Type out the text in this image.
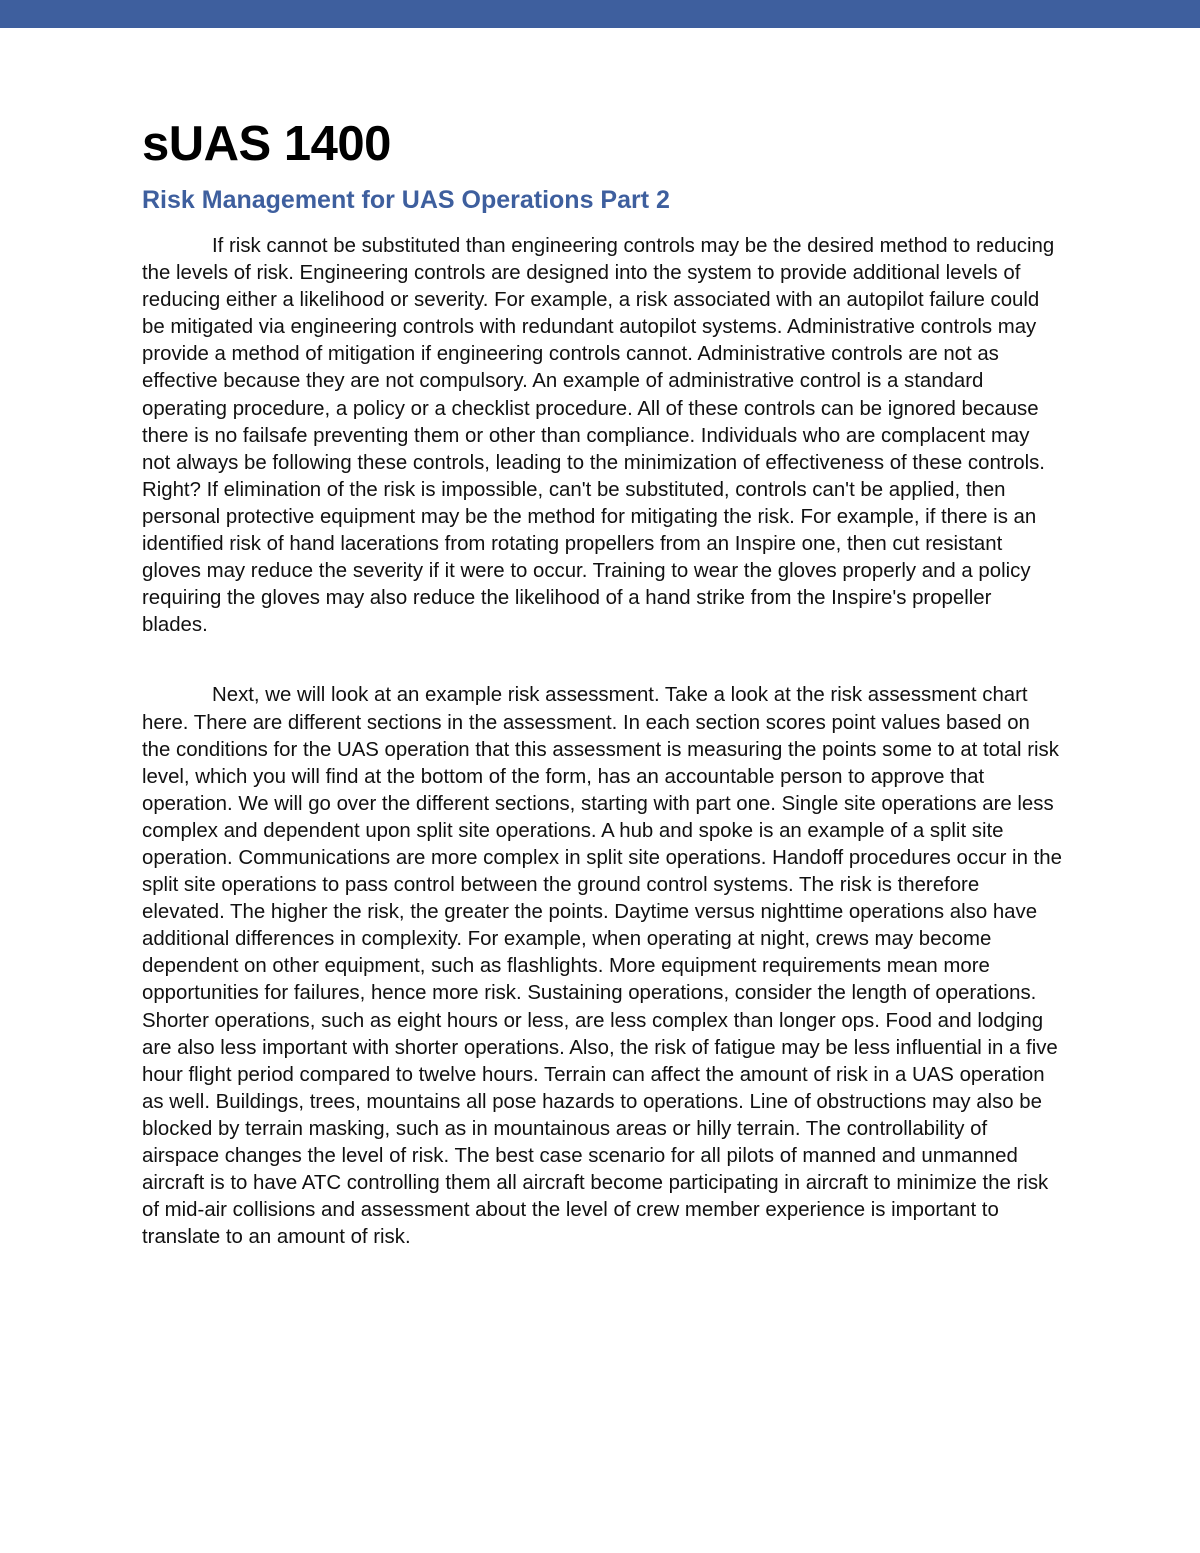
sUAS 1400
Risk Management for UAS Operations Part 2

If risk cannot be substituted than engineering controls may be the desired method to reducing the levels of risk. Engineering controls are designed into the system to provide additional levels of reducing either a likelihood or severity. For example, a risk associated with an autopilot failure could be mitigated via engineering controls with redundant autopilot systems. Administrative controls may provide a method of mitigation if engineering controls cannot. Administrative controls are not as effective because they are not compulsory. An example of administrative control is a standard operating procedure, a policy or a checklist procedure. All of these controls can be ignored because there is no failsafe preventing them or other than compliance. Individuals who are complacent may not always be following these controls, leading to the minimization of effectiveness of these controls. Right? If elimination of the risk is impossible, can't be substituted, controls can't be applied, then personal protective equipment may be the method for mitigating the risk. For example, if there is an identified risk of hand lacerations from rotating propellers from an Inspire one, then cut resistant gloves may reduce the severity if it were to occur. Training to wear the gloves properly and a policy requiring the gloves may also reduce the likelihood of a hand strike from the Inspire's propeller blades.

Next, we will look at an example risk assessment. Take a look at the risk assessment chart here. There are different sections in the assessment. In each section scores point values based on the conditions for the UAS operation that this assessment is measuring the points some to at total risk level, which you will find at the bottom of the form, has an accountable person to approve that operation. We will go over the different sections, starting with part one. Single site operations are less complex and dependent upon split site operations. A hub and spoke is an example of a split site operation. Communications are more complex in split site operations. Handoff procedures occur in the split site operations to pass control between the ground control systems. The risk is therefore elevated. The higher the risk, the greater the points. Daytime versus nighttime operations also have additional differences in complexity. For example, when operating at night, crews may become dependent on other equipment, such as flashlights. More equipment requirements mean more opportunities for failures, hence more risk. Sustaining operations, consider the length of operations. Shorter operations, such as eight hours or less, are less complex than longer ops. Food and lodging are also less important with shorter operations. Also, the risk of fatigue may be less influential in a five hour flight period compared to twelve hours. Terrain can affect the amount of risk in a UAS operation as well. Buildings, trees, mountains all pose hazards to operations. Line of obstructions may also be blocked by terrain masking, such as in mountainous areas or hilly terrain. The controllability of airspace changes the level of risk. The best case scenario for all pilots of manned and unmanned aircraft is to have ATC controlling them all aircraft become participating in aircraft to minimize the risk of mid-air collisions and assessment about the level of crew member experience is important to translate to an amount of risk.
